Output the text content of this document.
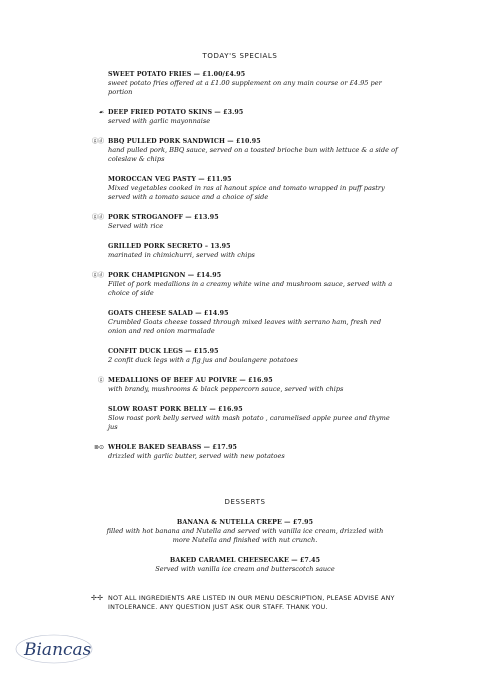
TODAY'S SPECIALS
SWEET POTATO FRIES — £1.00/£4.95
sweet potato fries offered at a £1.00 supplement on any main course or £4.95 per portion
☙ DEEP FRIED POTATO SKINS — £3.95
served with garlic mayonnaise
ⓖⓓ BBQ PULLED PORK SANDWICH — £10.95
hand pulled pork, BBQ sauce, served on a toasted brioche bun with lettuce & a side of coleslaw & chips
MOROCCAN VEG PASTY — £11.95
Mixed vegetables cooked in ras al hanout spice and tomato wrapped in puff pastry served with a tomato sauce and a choice of side
ⓖⓓ PORK STROGANOFF — £13.95
Served with rice
GRILLED PORK SECRETO – 13.95
marinated in chimichurri, served with chips
ⓖⓓ PORK CHAMPIGNON — £14.95
Fillet of pork medallions in a creamy white wine and mushroom sauce, served with a choice of side
GOATS CHEESE SALAD — £14.95
Crumbled Goats cheese tossed through mixed leaves with serrano ham, fresh red onion and red onion marmalade
CONFIT DUCK LEGS — £15.95
2 confit duck legs with a fig jus and boulangere potatoes
ⓖ MEDALLIONS OF BEEF AU POIVRE — £16.95
with brandy, mushrooms & black peppercorn sauce, served with chips
SLOW ROAST PORK BELLY — £16.95
Slow roast pork belly served with mash potato , caramelised apple puree and thyme jus
⋑⊙ WHOLE BAKED SEABASS — £17.95
drizzled with garlic butter, served with new potatoes
DESSERTS
BANANA & NUTELLA CREPE — £7.95
filled with hot banana and Nutella and served with vanilla ice cream, drizzled with more Nutella and finished with nut crunch.
BAKED CARAMEL CHEESECAKE — £7.45
Served with vanilla ice cream and butterscotch sauce
✢✢ NOT ALL INGREDIENTS ARE LISTED IN OUR MENU DESCRIPTION, PLEASE ADVISE ANY INTOLERANCE. ANY QUESTION JUST ASK OUR STAFF. THANK YOU.
Biancas
